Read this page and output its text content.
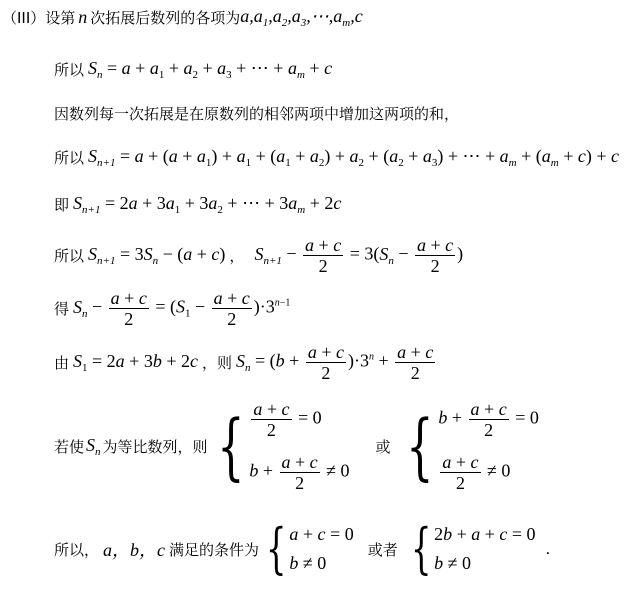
（III）设第 n 次拓展后数列的各项为 $a,a_1,a_2,a_3,\cdots,a_m,c$
所以 $S_n = a + a_1 + a_2 + a_3$ + ⋯ + $a_m + c$
因数列每一次拓展是在原数列的相邻两项中增加这两项的和，
所以 $S_{n+1} = a + (a + a_1) + a_1 + (a_1 + a_2) + a_2 + (a_2 + a_3)$ + ⋯ + $a_m + (a_m + c) + c$
即 $S_{n+1} = 2a + 3a_1 + 3a_2$ + ⋯ + $3a_m + 2c$
所以 $S_{n+1} = 3S_n - (a + c)$ ， $S_{n+1} - \frac{a + c}{2} = 3(S_n - \frac{a + c}{2}$ )
得 $S_n - \frac{a + c}{2} = (S_1 - \frac{a + c}{2} )\cdot 3^{n-1}$
由 $S_1 = 2a + 3b + 2c$ ，则 $S_n = (b + \frac{a + c}{2} )\cdot 3^n + \frac{a + c}{2}$
若使 $S_n$ 为等比数列，则 { $\frac{a + c}{2} = 0$
$b + \frac{a + c}{2} \ne 0$
或 { $b + \frac{a + c}{2} = 0$
$\frac{a + c}{2} \ne 0$
所以， a，b，c 满足的条件为 { a + c = 0
b ≠ 0
或者 { 2b + a + c = 0
b ≠ 0
.
